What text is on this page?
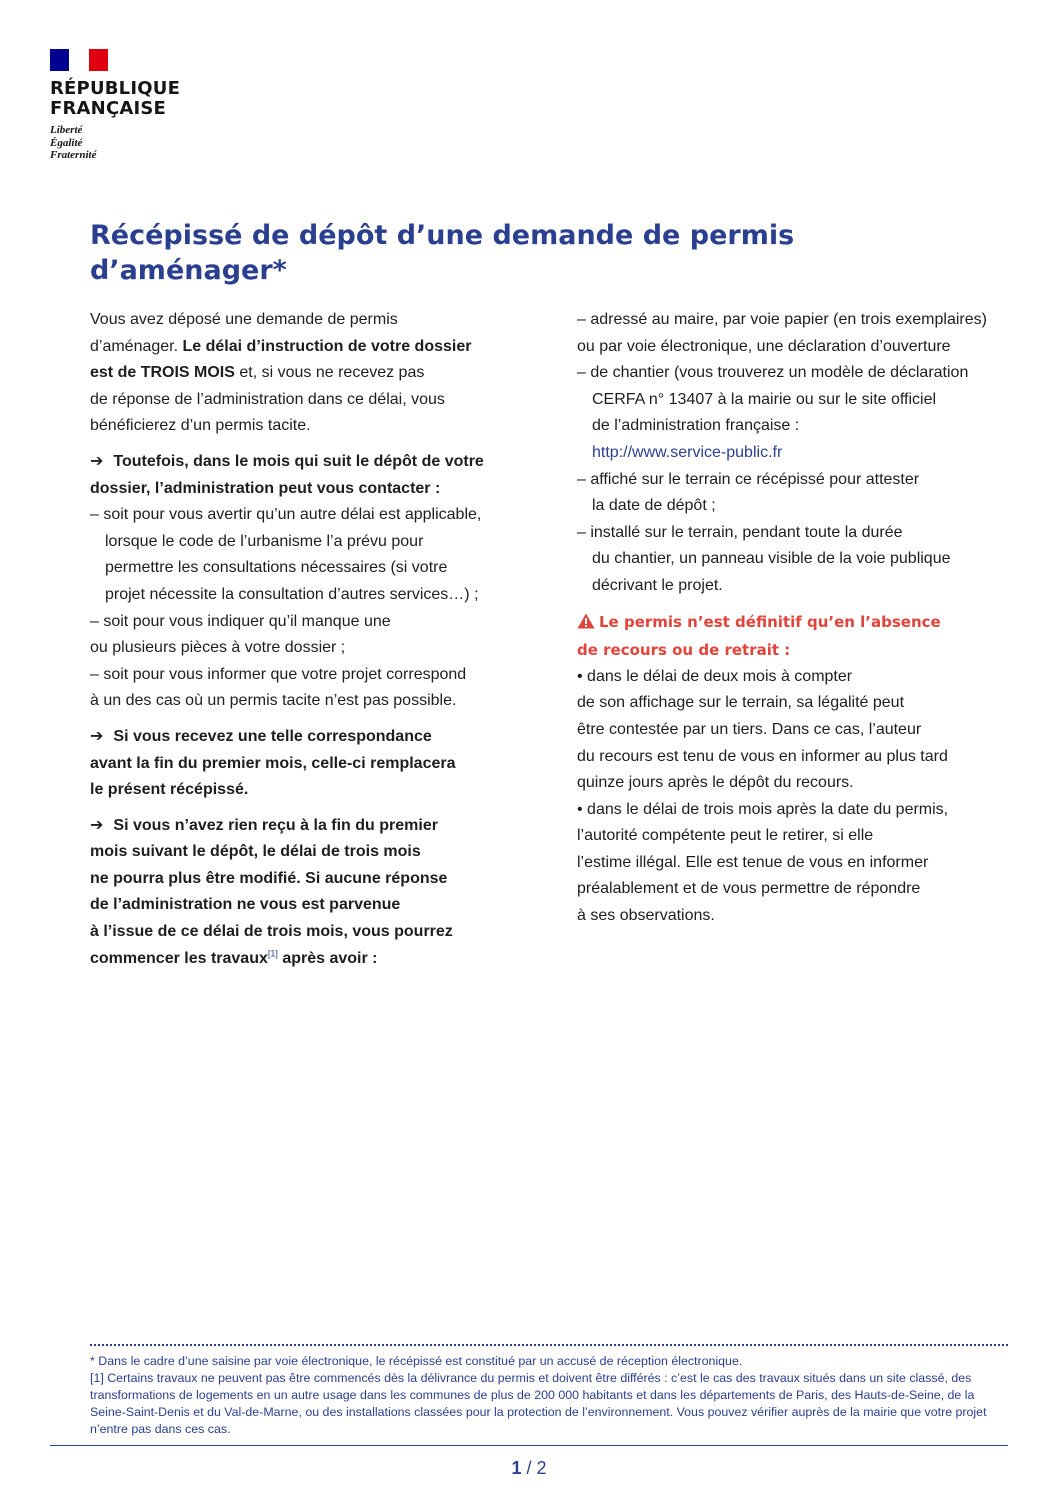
RÉPUBLIQUE
FRANÇAISE
Liberté
Égalité
Fraternité
Récépissé de dépôt d’une demande de permis d’aménager*

Vous avez déposé une demande de permis
d’aménager. Le délai d’instruction de votre dossier
est de TROIS MOIS et, si vous ne recevez pas
de réponse de l’administration dans ce délai, vous
bénéficierez d’un permis tacite.

➔ Toutefois, dans le mois qui suit le dépôt de votre
dossier, l’administration peut vous contacter :

– soit pour vous avertir qu’un autre délai est applicable,
lorsque le code de l’urbanisme l’a prévu pour
permettre les consultations nécessaires (si votre
projet nécessite la consultation d’autres services…) ;

– soit pour vous indiquer qu’il manque une
ou plusieurs pièces à votre dossier ;

– soit pour vous informer que votre projet correspond
à un des cas où un permis tacite n’est pas possible.

➔ Si vous recevez une telle correspondance
avant la fin du premier mois, celle-ci remplacera
le présent récépissé.

➔ Si vous n’avez rien reçu à la fin du premier
mois suivant le dépôt, le délai de trois mois
ne pourra plus être modifié. Si aucune réponse
de l’administration ne vous est parvenue
à l’issue de ce délai de trois mois, vous pourrez
commencer les travaux[1] après avoir :

– adressé au maire, par voie papier (en trois exemplaires)
ou par voie électronique, une déclaration d’ouverture

– de chantier (vous trouverez un modèle de déclaration
CERFA n° 13407 à la mairie ou sur le site officiel
de l’administration française :
http://www.service-public.fr

– affiché sur le terrain ce récépissé pour attester
la date de dépôt ;

– installé sur le terrain, pendant toute la durée
du chantier, un panneau visible de la voie publique
décrivant le projet.

Le permis n’est définitif qu’en l’absence
de recours ou de retrait :

• dans le délai de deux mois à compter
de son affichage sur le terrain, sa légalité peut
être contestée par un tiers. Dans ce cas, l’auteur
du recours est tenu de vous en informer au plus tard
quinze jours après le dépôt du recours.

• dans le délai de trois mois après la date du permis,
l’autorité compétente peut le retirer, si elle
l’estime illégal. Elle est tenue de vous en informer
préalablement et de vous permettre de répondre
à ses observations.

* Dans le cadre d’une saisine par voie électronique, le récépissé est constitué par un accusé de réception électronique.

[1] Certains travaux ne peuvent pas être commencés dès la délivrance du permis et doivent être différés : c’est le cas des travaux situés dans un site classé, des transformations de logements en un autre usage dans les communes de plus de 200 000 habitants et dans les départements de Paris, des Hauts-de-Seine, de la Seine-Saint-Denis et du Val-de-Marne, ou des installations classées pour la protection de l’environnement. Vous pouvez vérifier auprès de la mairie que votre projet n’entre pas dans ces cas.

1 / 2
